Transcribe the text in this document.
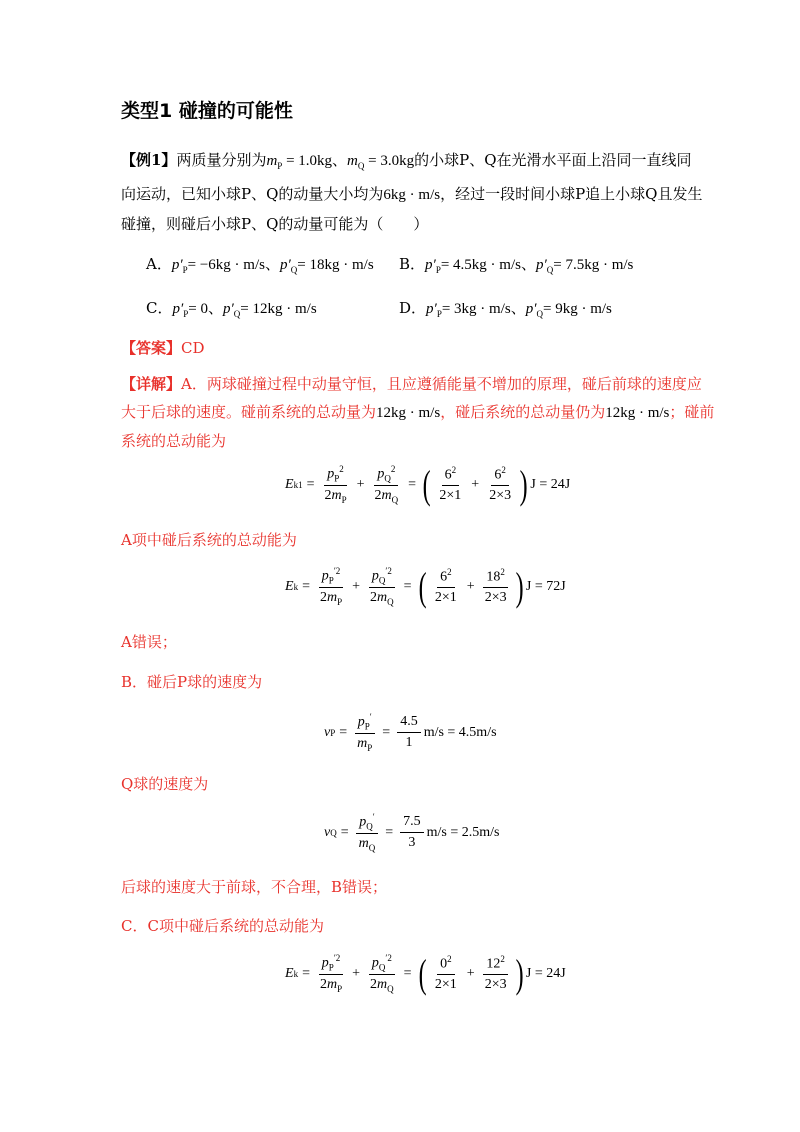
类型1 碰撞的可能性
【例1】两质量分别为$m_P = 1.0kg$、$m_Q = 3.0kg$的小球P、Q在光滑水平面上沿同一直线同
向运动，已知小球P、Q的动量大小均为6kg · m/s，经过一段时间小球P追上小球Q且发生
碰撞，则碰后小球P、Q的动量可能为（　　）
A．$p'_P= -6kg \cdot m/s$、$p'_Q= 18kg \cdot m/s$ B．$p'_P= 4.5kg \cdot m/s$、$p'_Q= 7.5kg \cdot m/s$
C．$p'_P= 0$、$p'_Q= 12kg \cdot m/s$	D．$p'_P= 3kg \cdot m/s$、$p'_Q= 9kg \cdot m/s$
【答案】CD
【详解】A．两球碰撞过程中动量守恒，且应遵循能量不增加的原理，碰后前球的速度应
大于后球的速度。碰前系统的总动量为12kg · m/s，碰后系统的总动量仍为12kg · m/s；碰前
系统的总动能为
E $k1 = \frac{p_P^2}{2m_P} + \frac{p_Q^2}{2m_Q}$ = ( $\frac{6^2}{2\times 1} + \frac{6^2}{2\times 3}$ ) J = 24J
A项中碰后系统的总动能为
E $k = \frac{p_P^{'2}}{2m_P} + \frac{p_Q^{'2}}{2m_Q}$ = ( $\frac{6^2}{2\times 1} + \frac{18^2}{2\times 3}$ ) J = 72J
A错误；
B．碰后P球的速度为
v $P = \frac{p_P'}{m_P} = \frac{4.5}{1} m/s = 4.5m/s$
Q球的速度为
v $Q = \frac{p_Q'}{m_Q} = \frac{7.5}{3} m/s = 2.5m/s$
后球的速度大于前球，不合理，B错误；
C．C项中碰后系统的总动能为
E $k = \frac{p_P^{'2}}{2m_P} + \frac{p_Q^{'2}}{2m_Q}$ = ( $\frac{0^2}{2\times 1} + \frac{12^2}{2\times 3}$ ) J = 24J
